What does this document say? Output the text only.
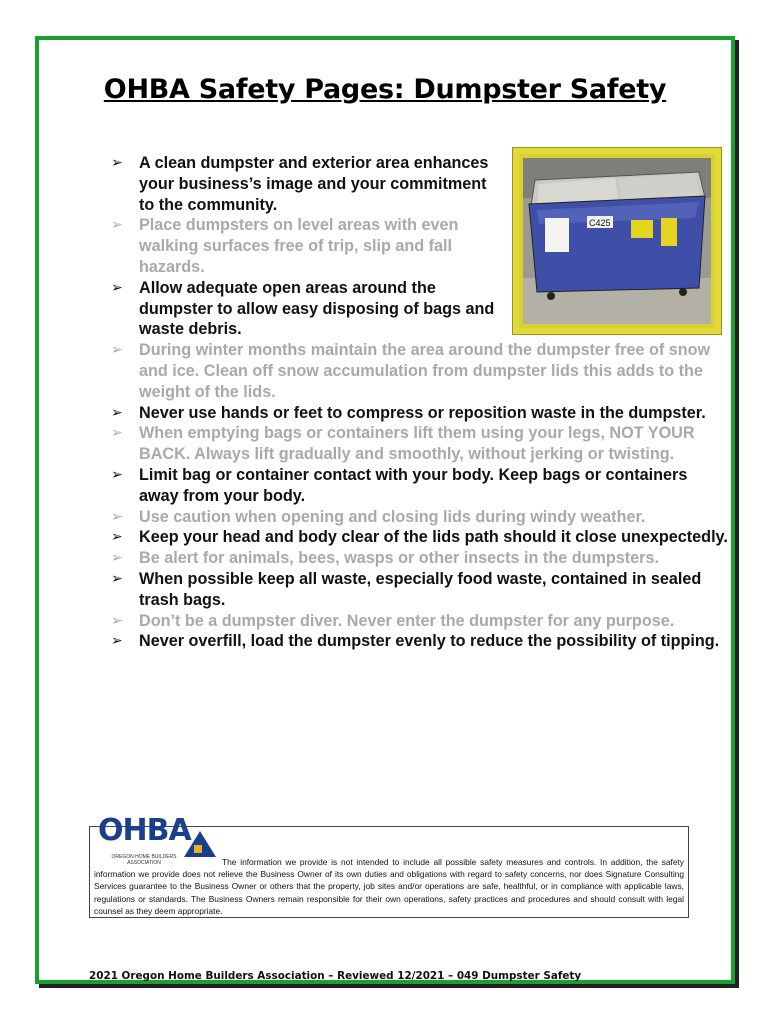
OHBA Safety Pages: Dumpster Safety
C425
➢ A clean dumpster and exterior area enhances your business’s image and your commitment to the community.
➢ Place dumpsters on level areas with even walking surfaces free of trip, slip and fall hazards.
➢ Allow adequate open areas around the dumpster to allow easy disposing of bags and waste debris.
➢ During winter months maintain the area around the dumpster free of snow and ice. Clean off snow accumulation from dumpster lids this adds to the weight of the lids.
➢ Never use hands or feet to compress or reposition waste in the dumpster.
➢ When emptying bags or containers lift them using your legs, NOT YOUR BACK. Always lift gradually and smoothly, without jerking or twisting.
➢ Limit bag or container contact with your body. Keep bags or containers away from your body.
➢ Use caution when opening and closing lids during windy weather.
➢ Keep your head and body clear of the lids path should it close unexpectedly.
➢ Be alert for animals, bees, wasps or other insects in the dumpsters.
➢ When possible keep all waste, especially food waste, contained in sealed trash bags.
➢ Don’t be a dumpster diver. Never enter the dumpster for any purpose.
➢ Never overfill, load the dumpster evenly to reduce the possibility of tipping.
OHBA
OREGON HOME BUILDERS ASSOCIATION	The information we provide is not intended to include all possible safety measures and controls. In addition, the safety information we provide does not relieve the Business Owner of its own duties and obligations with regard to safety concerns, nor does Signature Consulting Services guarantee to the Business Owner or others that the property, job sites and/or operations are safe, healthful, or in compliance with applicable laws, regulations or standards. The Business Owners remain responsible for their own operations, safety practices and procedures and should consult with legal counsel as they deem appropriate.
2021 Oregon Home Builders Association – Reviewed 12/2021 – 049 Dumpster Safety
